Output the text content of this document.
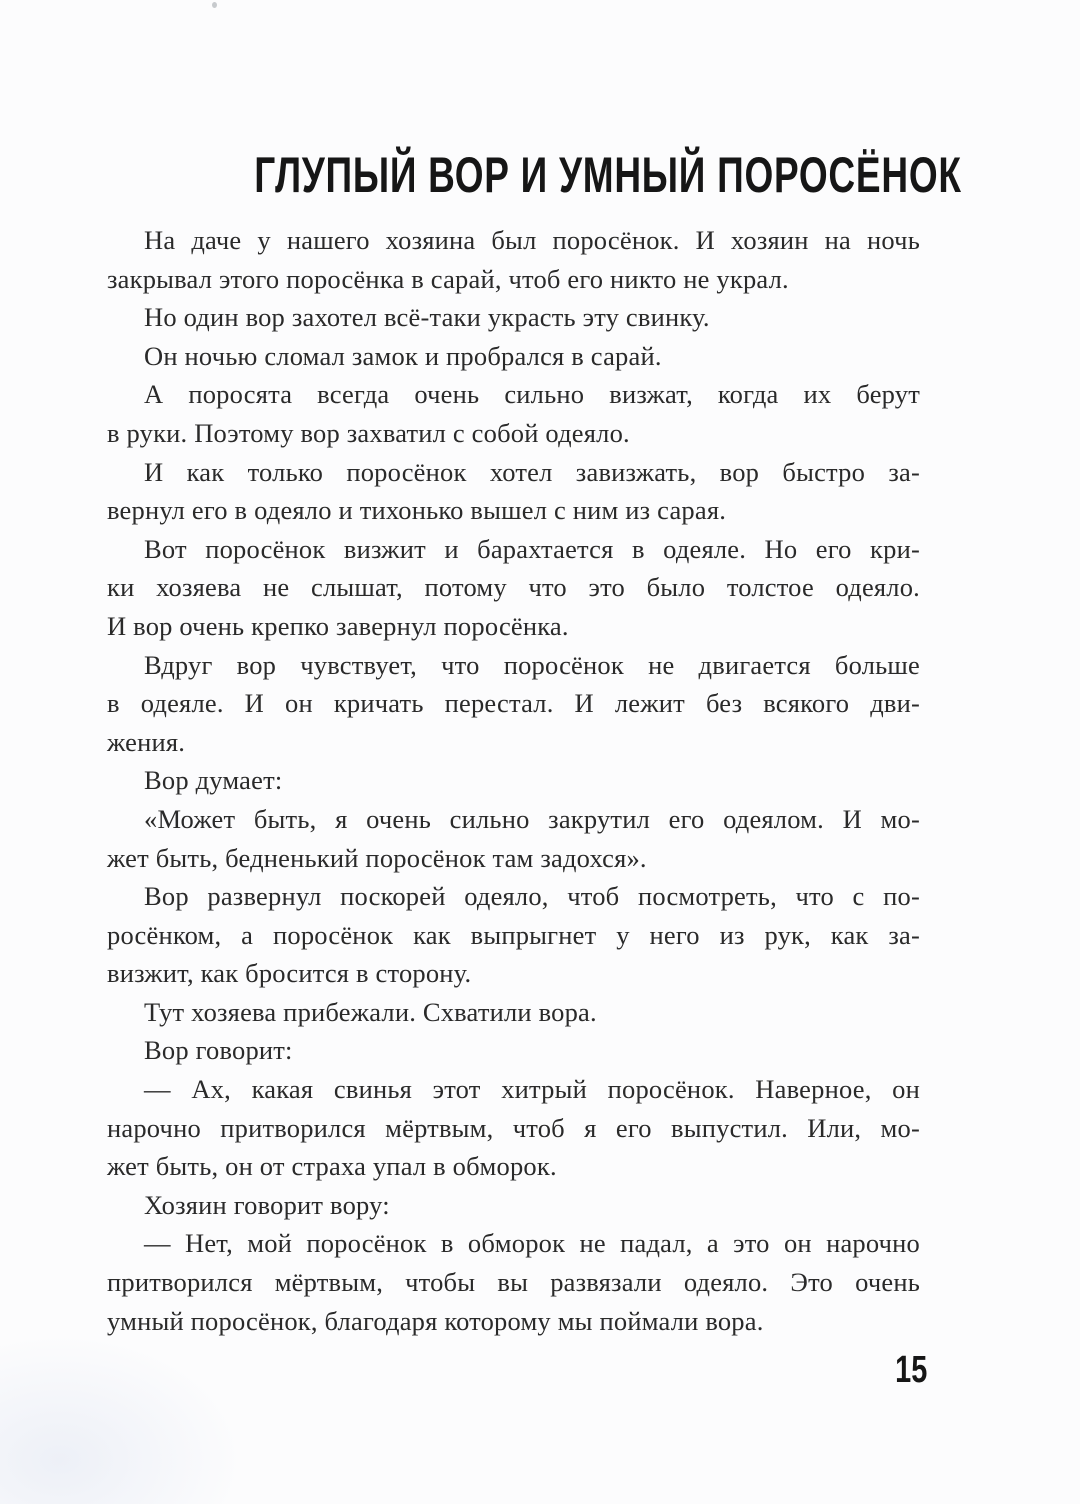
ГЛУПЫЙ ВОР И УМНЫЙ ПОРОСЁНОК
На даче у нашего хозяина был поросёнок. И хозяин на ночь
закрывал этого поросёнка в сарай, чтоб его никто не украл.
Но один вор захотел всё-таки украсть эту свинку.
Он ночью сломал замок и пробрался в сарай.
А поросята всегда очень сильно визжат, когда их берут
в руки. Поэтому вор захватил с собой одеяло.
И как только поросёнок хотел завизжать, вор быстро за-
вернул его в одеяло и тихонько вышел с ним из сарая.
Вот поросёнок визжит и барахтается в одеяле. Но его кри-
ки хозяева не слышат, потому что это было толстое одеяло.
И вор очень крепко завернул поросёнка.
Вдруг вор чувствует, что поросёнок не двигается больше
в одеяле. И он кричать перестал. И лежит без всякого дви-
жения.
Вор думает:
«Может быть, я очень сильно закрутил его одеялом. И мо-
жет быть, бедненький поросёнок там задохся».
Вор развернул поскорей одеяло, чтоб посмотреть, что с по-
росёнком, а поросёнок как выпрыгнет у него из рук, как за-
визжит, как бросится в сторону.
Тут хозяева прибежали. Схватили вора.
Вор говорит:
— Ах, какая свинья этот хитрый поросёнок. Наверное, он
нарочно притворился мёртвым, чтоб я его выпустил. Или, мо-
жет быть, он от страха упал в обморок.
Хозяин говорит вору:
— Нет, мой поросёнок в обморок не падал, а это он нарочно
притворился мёртвым, чтобы вы развязали одеяло. Это очень
умный поросёнок, благодаря которому мы поймали вора.
15
